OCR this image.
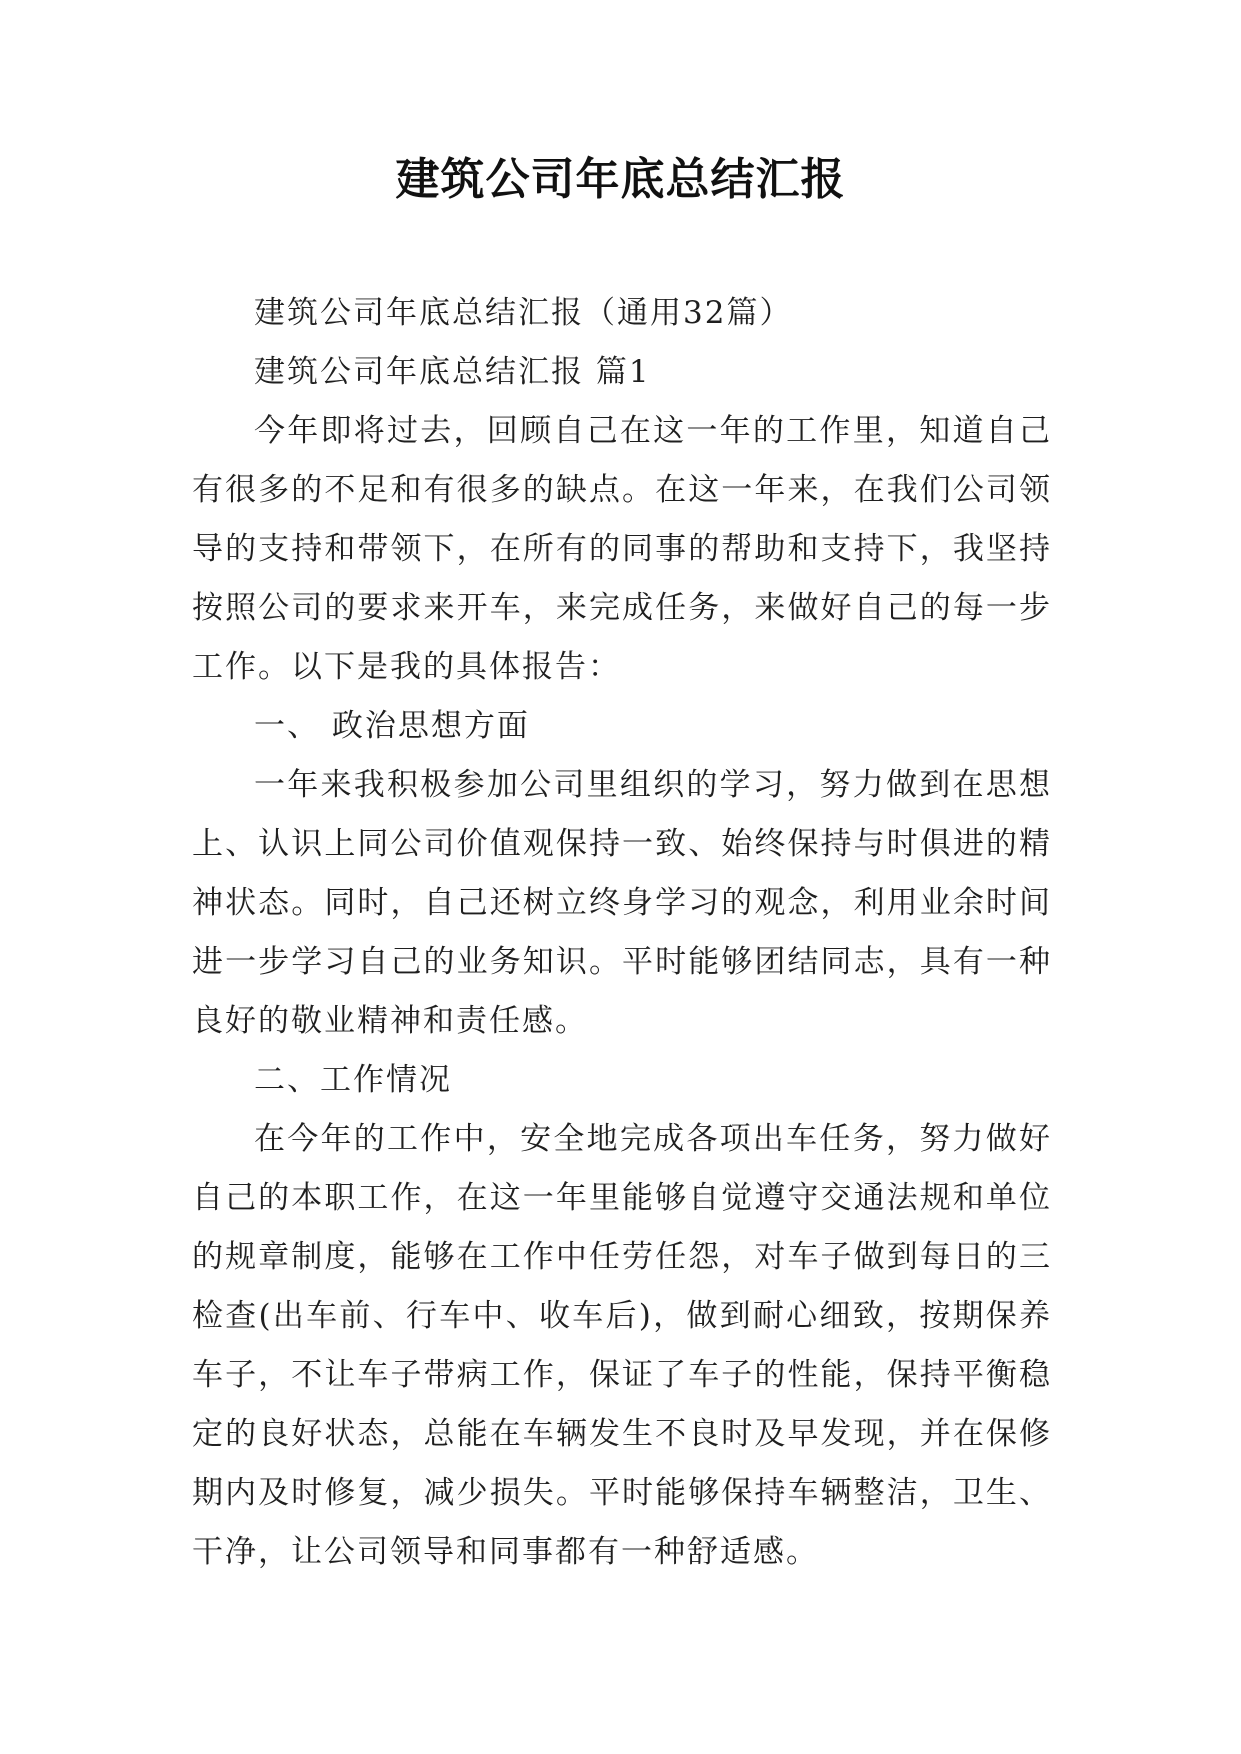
建筑公司年底总结汇报

建筑公司年底总结汇报（通用32篇）

建筑公司年底总结汇报 篇1

今年即将过去，回顾自己在这一年的工作里，知道自己有很多的不足和有很多的缺点。在这一年来，在我们公司领导的支持和带领下，在所有的同事的帮助和支持下，我坚持按照公司的要求来开车，来完成任务，来做好自己的每一步工作。以下是我的具体报告：

一、 政治思想方面

一年来我积极参加公司里组织的学习，努力做到在思想上、认识上同公司价值观保持一致、始终保持与时俱进的精神状态。同时，自己还树立终身学习的观念，利用业余时间进一步学习自己的业务知识。平时能够团结同志，具有一种良好的敬业精神和责任感。

二、工作情况

在今年的工作中，安全地完成各项出车任务，努力做好自己的本职工作，在这一年里能够自觉遵守交通法规和单位的规章制度，能够在工作中任劳任怨，对车子做到每日的三检查(出车前、行车中、收车后)，做到耐心细致，按期保养车子，不让车子带病工作，保证了车子的性能，保持平衡稳定的良好状态，总能在车辆发生不良时及早发现，并在保修期内及时修复，减少损失。平时能够保持车辆整洁，卫生、干净，让公司领导和同事都有一种舒适感。
